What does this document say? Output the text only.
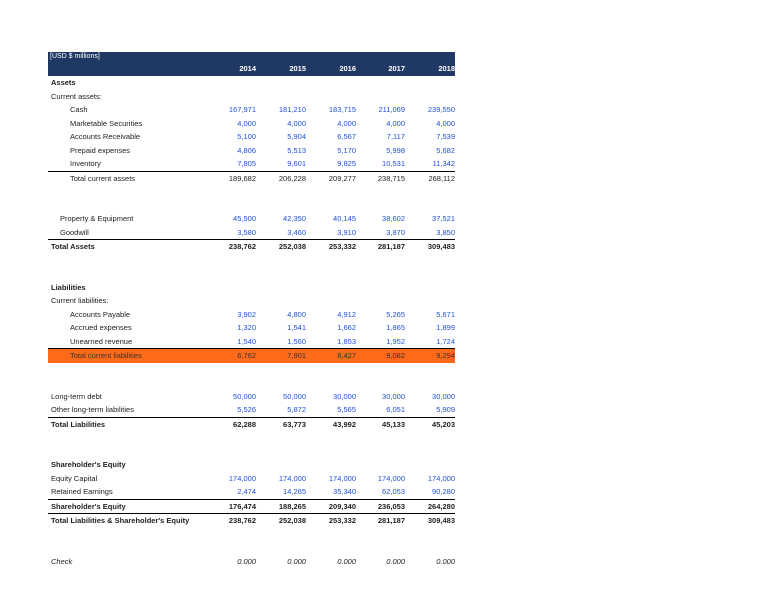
[USD $ millions]
2014	2015	2016	2017	2018
Assets
Current assets:
Cash	167,971	181,210	183,715	211,069	239,550
Marketable Securities	4,000	4,000	4,000	4,000	4,000
Accounts Receivable	5,100	5,904	6,567	7,117	7,539
Prepaid expenses	4,806	5,513	5,170	5,998	5,682
Inventory	7,805	9,601	9,825	10,531	11,342
Total current assets	189,682	206,228	209,277	238,715	268,112
Property & Equipment	45,500	42,350	40,145	38,602	37,521
Goodwill	3,580	3,460	3,910	3,870	3,850
Total Assets	238,762	252,038	253,332	281,187	309,483
Liabilities
Current liabilities:
Accounts Payable	3,902	4,800	4,912	5,265	5,671
Accrued expenses	1,320	1,541	1,662	1,865	1,899
Unearned revenue	1,540	1,560	1,853	1,952	1,724
Total current liabilities	6,762	7,901	8,427	9,082	9,294
Long-term debt	50,000	50,000	30,000	30,000	30,000
Other long-term liabilities	5,526	5,872	5,565	6,051	5,909
Total Liabilities	62,288	63,773	43,992	45,133	45,203
Shareholder's Equity
Equity Capital	174,000	174,000	174,000	174,000	174,000
Retained Earnings	2,474	14,265	35,340	62,053	90,280
Shareholder's Equity	176,474	188,265	209,340	236,053	264,280
Total Liabilities & Shareholder's Equity	238,762	252,038	253,332	281,187	309,483
Check	0.000	0.000	0.000	0.000	0.000
